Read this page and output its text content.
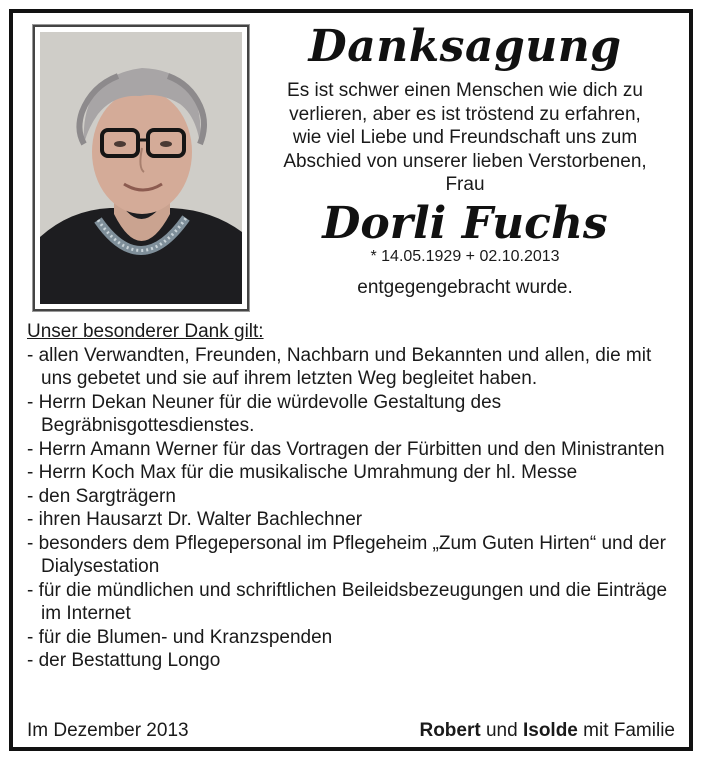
Danksagung
Es ist schwer einen Menschen wie dich zu
verlieren, aber es ist tröstend zu erfahren,
wie viel Liebe und Freundschaft uns zum
Abschied von unserer lieben Verstorbenen,
Frau
Dorli Fuchs
* 14.05.1929 + 02.10.2013
entgegengebracht wurde.
Unser besonderer Dank gilt:
- allen Verwandten, Freunden, Nachbarn und Bekannten und allen, die mit uns gebetet und sie auf ihrem letzten Weg begleitet haben.
- Herrn Dekan Neuner für die würdevolle Gestaltung des Begräbnisgottesdienstes.
- Herrn Amann Werner für das Vortragen der Fürbitten und den Ministranten
- Herrn Koch Max für die musikalische Umrahmung der hl. Messe
- den Sargträgern
- ihren Hausarzt Dr. Walter Bachlechner
- besonders dem Pflegepersonal im Pflegeheim „Zum Guten Hirten“ und der Dialysestation
- für die mündlichen und schriftlichen Beileidsbezeugungen und die Einträge im Internet
- für die Blumen- und Kranzspenden
- der Bestattung Longo
Im Dezember 2013	Robert und Isolde mit Familie
